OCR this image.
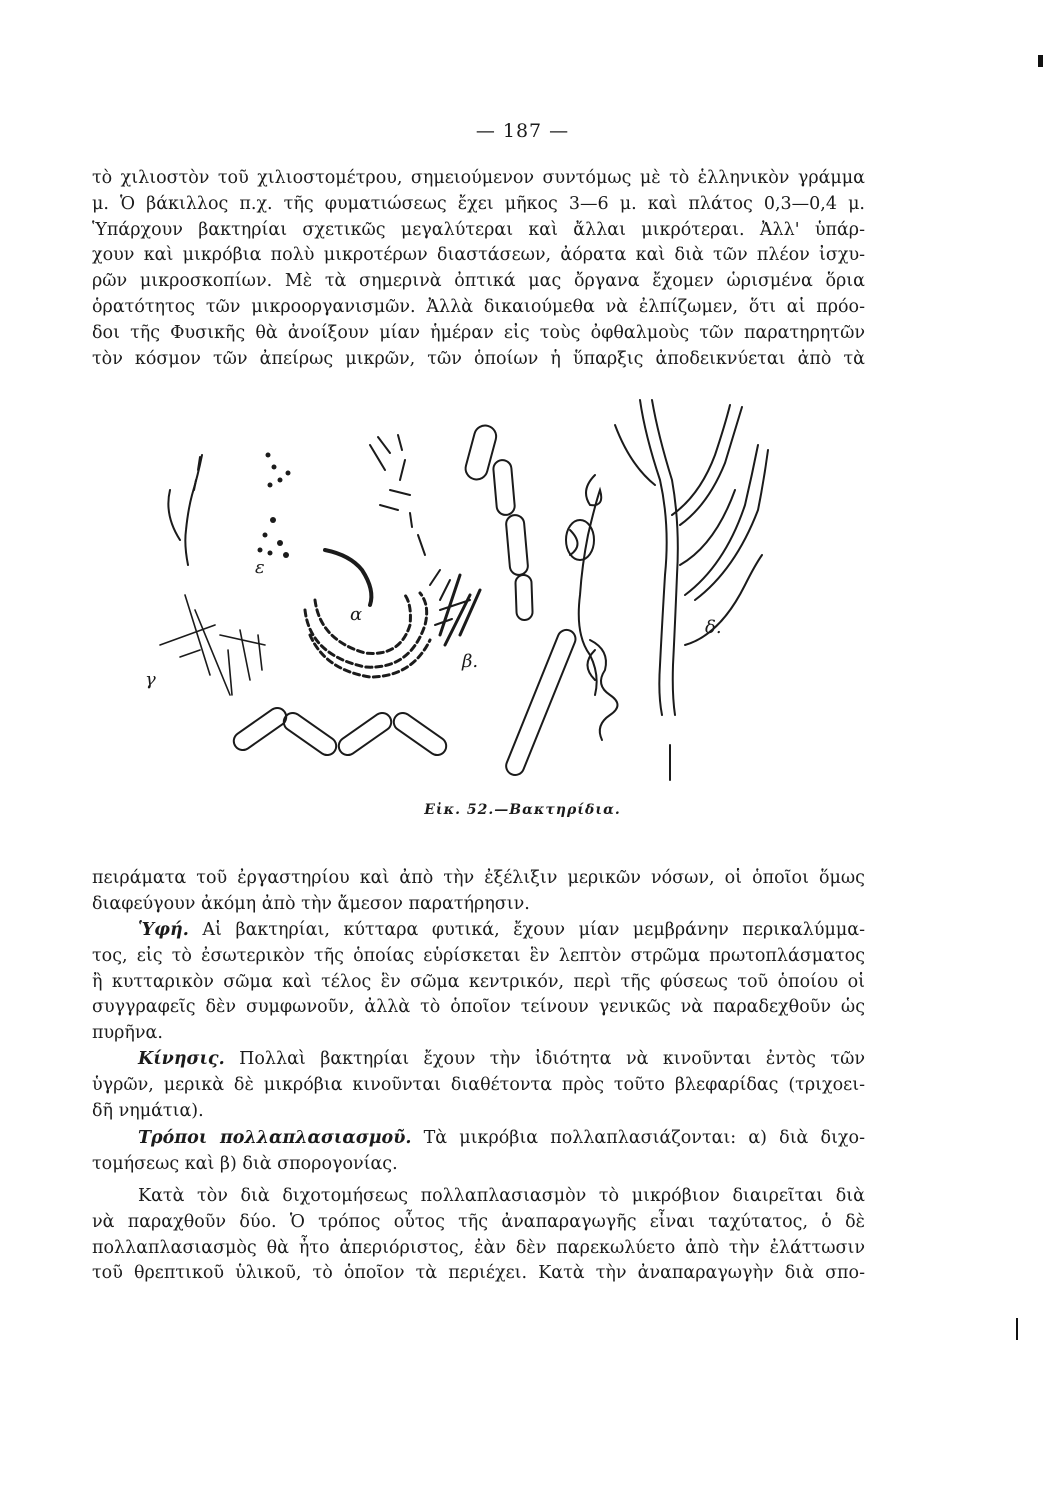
— 187 —
τὸ χιλιοστὸν τοῦ χιλιοστομέτρου, σημειούμενον συντόμως μὲ τὸ ἑλληνικὸν γράμμα
μ. Ὁ βάκιλλος π.χ. τῆς φυματιώσεως ἔχει μῆκος 3—6 μ. καὶ πλάτος 0,3—0,4 μ.
Ὑπάρχουν βακτηρίαι σχετικῶς μεγαλύτεραι καὶ ἄλλαι μικρότεραι. Ἀλλ' ὑπάρ-
χουν καὶ μικρόβια πολὺ μικροτέρων διαστάσεων, ἀόρατα καὶ διὰ τῶν πλέον ἰσχυ-
ρῶν μικροσκοπίων. Μὲ τὰ σημερινὰ ὀπτικά μας ὄργανα ἔχομεν ὡρισμένα ὅρια
ὁρατότητος τῶν μικροοργανισμῶν. Ἀλλὰ δικαιούμεθα νὰ ἐλπίζωμεν, ὅτι αἱ πρόο-
δοι τῆς Φυσικῆς θὰ ἀνοίξουν μίαν ἡμέραν εἰς τοὺς ὀφθαλμοὺς τῶν παρατηρητῶν
τὸν κόσμον τῶν ἀπείρως μικρῶν, τῶν ὁποίων ἡ ὕπαρξις ἀποδεικνύεται ἀπὸ τὰ
α
β.
γ
δ.
ε
Εἰκ. 52.—Βακτηρίδια.
πειράματα τοῦ ἐργαστηρίου καὶ ἀπὸ τὴν ἐξέλιξιν μερικῶν νόσων, οἱ ὁποῖοι ὅμως
διαφεύγουν ἀκόμη ἀπὸ τὴν ἄμεσον παρατήρησιν.
Ὑφή. Αἱ βακτηρίαι, κύτταρα φυτικά, ἔχουν μίαν μεμβράνην περικαλύμμα-
τος, εἰς τὸ ἐσωτερικὸν τῆς ὁποίας εὑρίσκεται ἓν λεπτὸν στρῶμα πρωτοπλάσματος
ἢ κυτταρικὸν σῶμα καὶ τέλος ἓν σῶμα κεντρικόν, περὶ τῆς φύσεως τοῦ ὁποίου οἱ
συγγραφεῖς δὲν συμφωνοῦν, ἀλλὰ τὸ ὁποῖον τείνουν γενικῶς νὰ παραδεχθοῦν ὡς
πυρῆνα.
Κίνησις. Πολλαὶ βακτηρίαι ἔχουν τὴν ἰδιότητα νὰ κινοῦνται ἐντὸς τῶν
ὑγρῶν, μερικὰ δὲ μικρόβια κινοῦνται διαθέτοντα πρὸς τοῦτο βλεφαρίδας (τριχοει-
δῆ νημάτια).
Τρόποι πολλαπλασιασμοῦ. Τὰ μικρόβια πολλαπλασιάζονται: α) διὰ διχο-
τομήσεως καὶ β) διὰ σπορογονίας.
Κατὰ τὸν διὰ διχοτομήσεως πολλαπλασιασμὸν τὸ μικρόβιον διαιρεῖται διὰ
νὰ παραχθοῦν δύο. Ὁ τρόπος οὗτος τῆς ἀναπαραγωγῆς εἶναι ταχύτατος, ὁ δὲ
πολλαπλασιασμὸς θὰ ἦτο ἀπεριόριστος, ἐὰν δὲν παρεκωλύετο ἀπὸ τὴν ἐλάττωσιν
τοῦ θρεπτικοῦ ὑλικοῦ, τὸ ὁποῖον τὰ περιέχει. Κατὰ τὴν ἀναπαραγωγὴν διὰ σπο-
